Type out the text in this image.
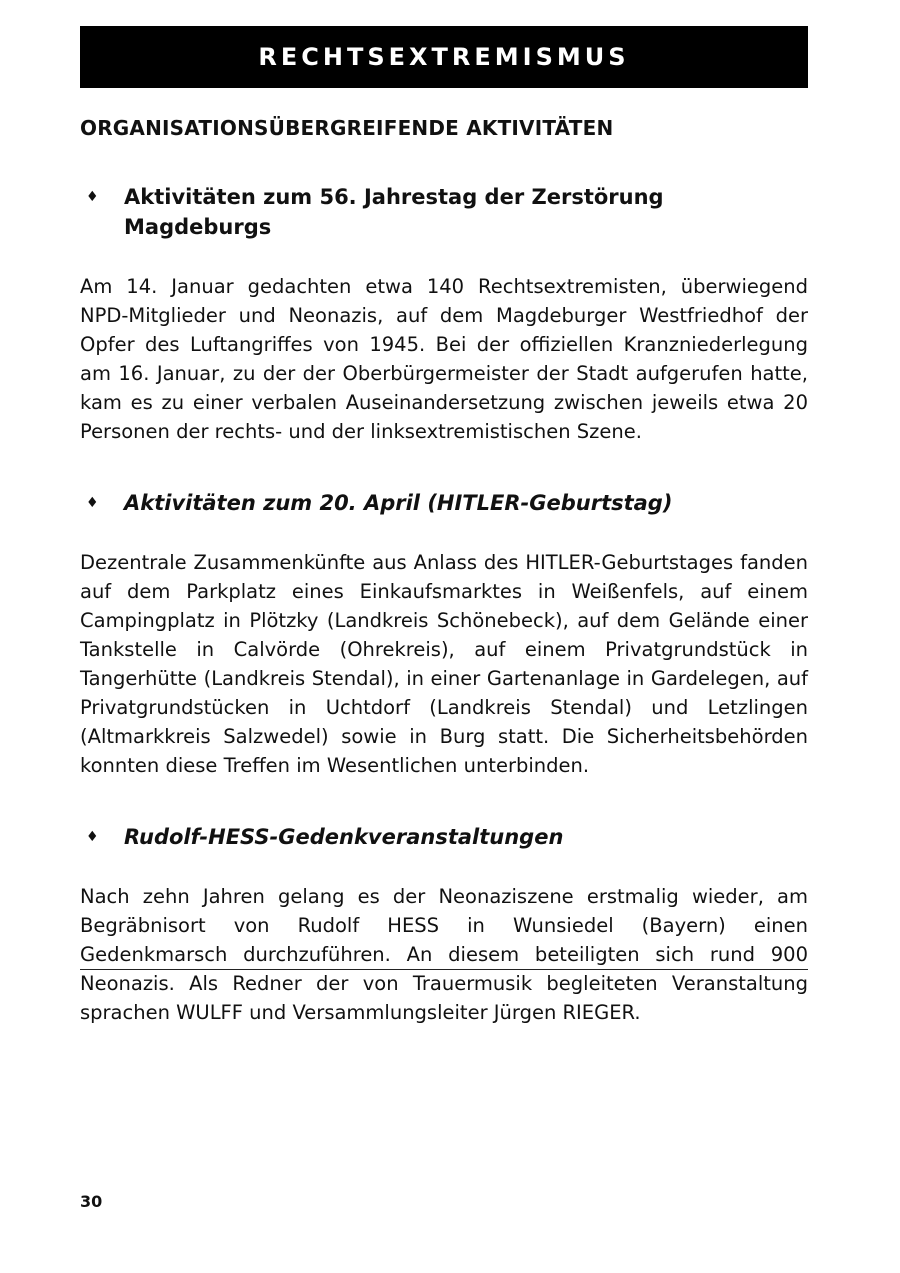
RECHTSEXTREMISMUS
ORGANISATIONSÜBERGREIFENDE AKTIVITÄTEN
♦	Aktivitäten zum 56. Jahrestag der Zerstörung Magdeburgs
Am 14. Januar gedachten etwa 140 Rechtsextremisten, überwiegend NPD-Mitglieder und Neonazis, auf dem Magdeburger Westfriedhof der Opfer des Luftangriffes von 1945. Bei der offiziellen Kranzniederlegung am 16. Januar, zu der der Oberbürgermeister der Stadt aufgerufen hatte, kam es zu einer verbalen Auseinandersetzung zwischen jeweils etwa 20 Personen der rechts- und der linksextremistischen Szene.
♦	Aktivitäten zum 20. April (HITLER-Geburtstag)
Dezentrale Zusammenkünfte aus Anlass des HITLER-Geburtstages fanden auf dem Parkplatz eines Einkaufsmarktes in Weißenfels, auf einem Campingplatz in Plötzky (Landkreis Schönebeck), auf dem Gelände einer Tankstelle in Calvörde (Ohrekreis), auf einem Privatgrundstück in Tangerhütte (Landkreis Stendal), in einer Gartenanlage in Gardelegen, auf Privatgrundstücken in Uchtdorf (Landkreis Stendal) und Letzlingen (Altmarkkreis Salzwedel) sowie in Burg statt. Die Sicherheitsbehörden konnten diese Treffen im Wesentlichen unterbinden.
♦	Rudolf-HESS-Gedenkveranstaltungen
Nach zehn Jahren gelang es der Neonaziszene erstmalig wieder, am Begräbnisort von Rudolf HESS in Wunsiedel (Bayern) einen Gedenkmarsch durchzuführen. An diesem beteiligten sich rund 900 Neonazis. Als Redner der von Trauermusik begleiteten Veranstaltung sprachen WULFF und Versammlungsleiter Jürgen RIEGER.
30
